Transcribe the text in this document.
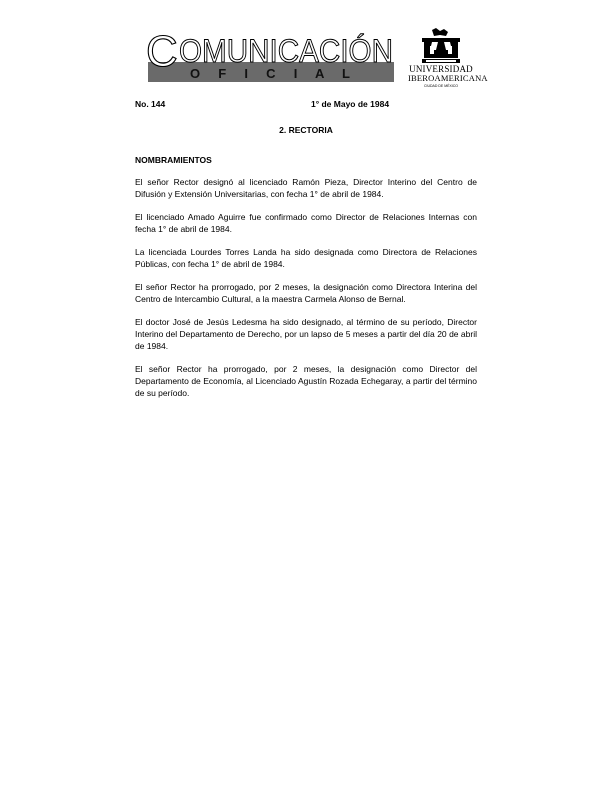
C OMUNICACIÓN
O F I C I A L	UNIVERSIDAD
IBEROAMERICANA
CIUDAD DE MÉXICO
No. 144	1° de Mayo de 1984
2. RECTORIA
NOMBRAMIENTOS

El señor Rector designó al licenciado Ramón Pieza, Director Interino del Centro de Difusión y Extensión Universitarias, con fecha 1° de abril de 1984.

El licenciado Amado Aguirre fue confirmado como Director de Relaciones Internas con fecha 1° de abril de 1984.

La licenciada Lourdes Torres Landa ha sido designada como Directora de Relaciones Públicas, con fecha 1° de abril de 1984.

El señor Rector ha prorrogado, por 2 meses, la designación como Directora Interina del Centro de Intercambio Cultural, a la maestra Carmela Alonso de Bernal.

El doctor José de Jesús Ledesma ha sido designado, al término de su período, Director Interino del Departamento de Derecho, por un lapso de 5 meses a partir del día 20 de abril de 1984.

El señor Rector ha prorrogado, por 2 meses, la designación como Director del Departamento de Economía, al Licenciado Agustín Rozada Echegaray, a partir del término de su período.
